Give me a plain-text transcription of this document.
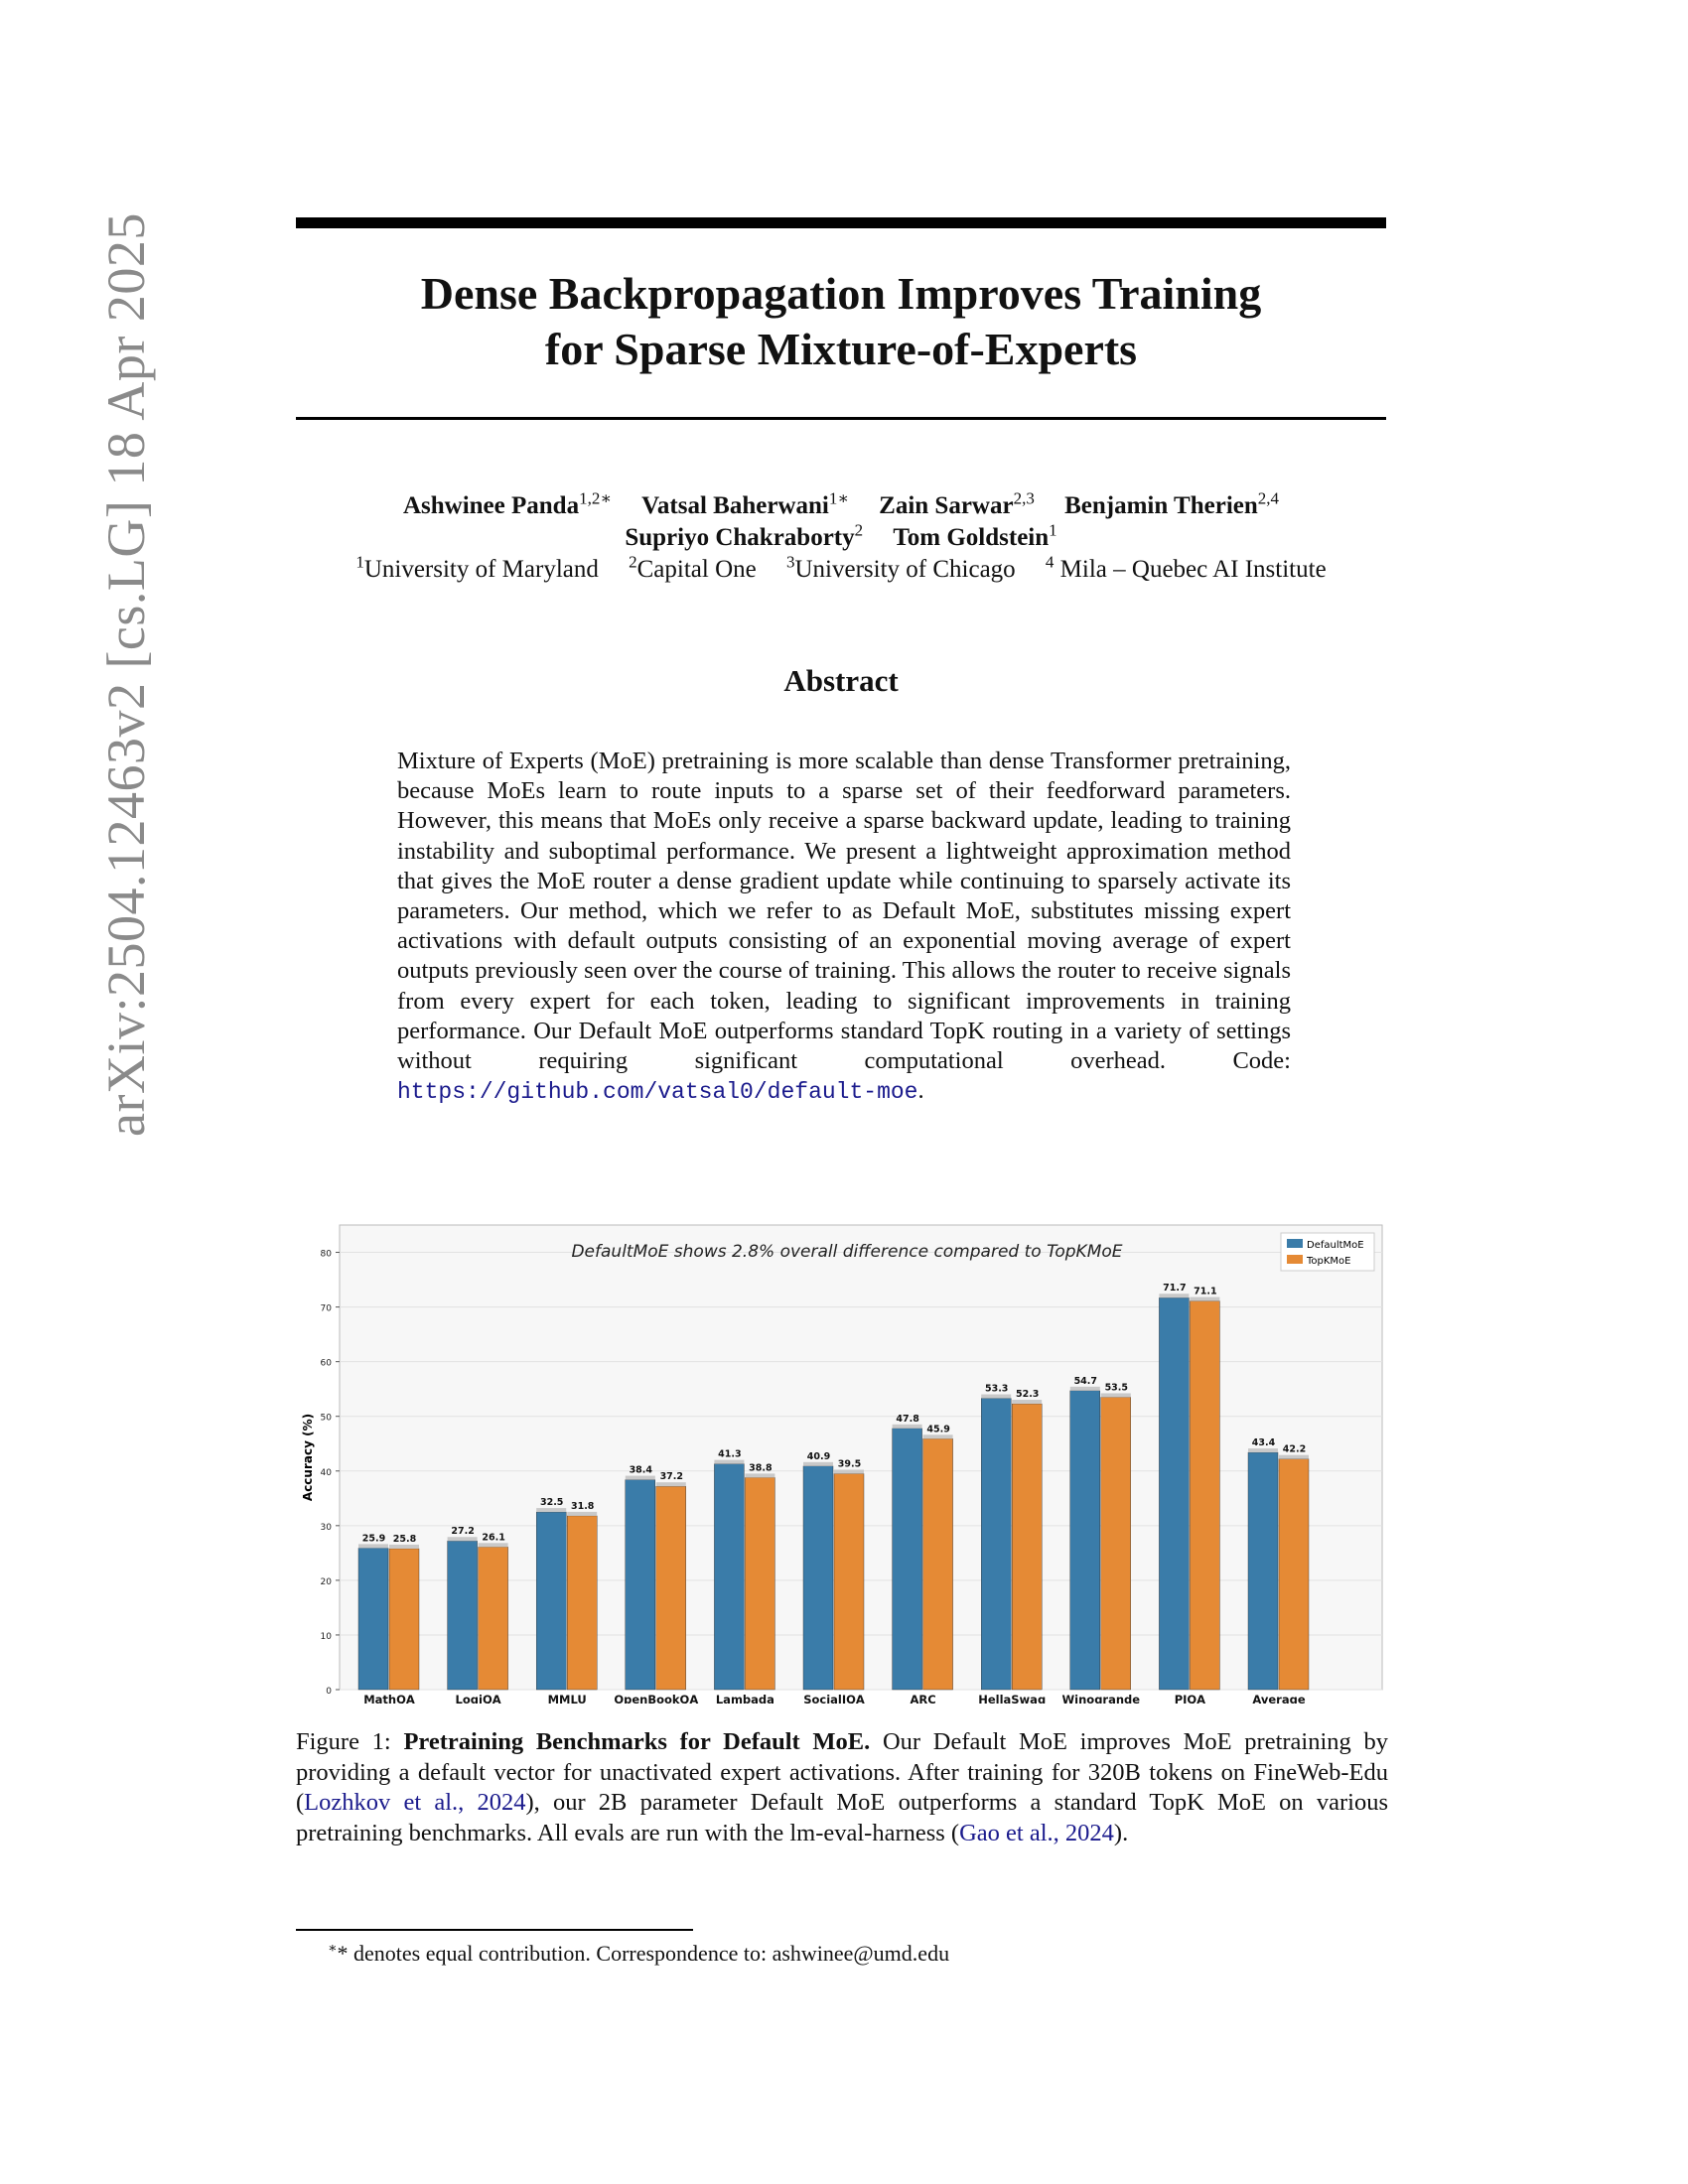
arXiv:2504.12463v2 [cs.LG] 18 Apr 2025	Dense Backpropagation Improves Training
for Sparse Mixture-of-Experts
Ashwinee Panda$^{1,2∗}$ Vatsal Baherwani$^{1∗}$ Zain Sarwar$^{2,3}$ Benjamin Therien$^{2,4}$
Supriyo Chakraborty$^2$ Tom Goldstein$^1$
$^1$University of Maryland $^2$Capital One $^3$University of Chicago $^4$ Mila – Quebec AI Institute
Abstract
Mixture of Experts (MoE) pretraining is more scalable than dense Transformer pretraining, because MoEs learn to route inputs to a sparse set of their feedforward parameters. However, this means that MoEs only receive a sparse backward update, leading to training instability and suboptimal performance. We present a lightweight approximation method that gives the MoE router a dense gradient update while continuing to sparsely activate its parameters. Our method, which we refer to as Default MoE, substitutes missing expert activations with default outputs consisting of an exponential moving average of expert outputs previously seen over the course of training. This allows the router to receive signals from every expert for each token, leading to significant improvements in training performance. Our Default MoE outperforms standard TopK routing in a variety of settings without requiring significant computational overhead. Code: https://github.com/vatsal0/default-moe.
25.9 25.8
MathQA
27.2
26.1
LogiQA
32.5 31.8
MMLU
38.4
37.2
OpenBookQA
41.3
38.8
Lambada
40.9
39.5
SocialIQA
47.8
45.9
ARC
53.3
52.3
HellaSwag
54.7
53.5
Winogrande
71.7 71.1
PIQA
43.4
42.2
Average
0
10
20
30
40
50
60
70
80
Accuracy (%)
DefaultMoE shows 2.8% overall difference compared to TopKMoE	DefaultMoE
TopKMoE
Figure 1: Pretraining Benchmarks for Default MoE. Our Default MoE improves MoE pretraining by providing a default vector for unactivated expert activations. After training for 320B tokens on FineWeb-Edu (Lozhkov et al., 2024), our 2B parameter Default MoE outperforms a standard TopK MoE on various pretraining benchmarks. All evals are run with the lm-eval-harness (Gao et al., 2024).
∗* denotes equal contribution. Correspondence to: ashwinee@umd.edu
